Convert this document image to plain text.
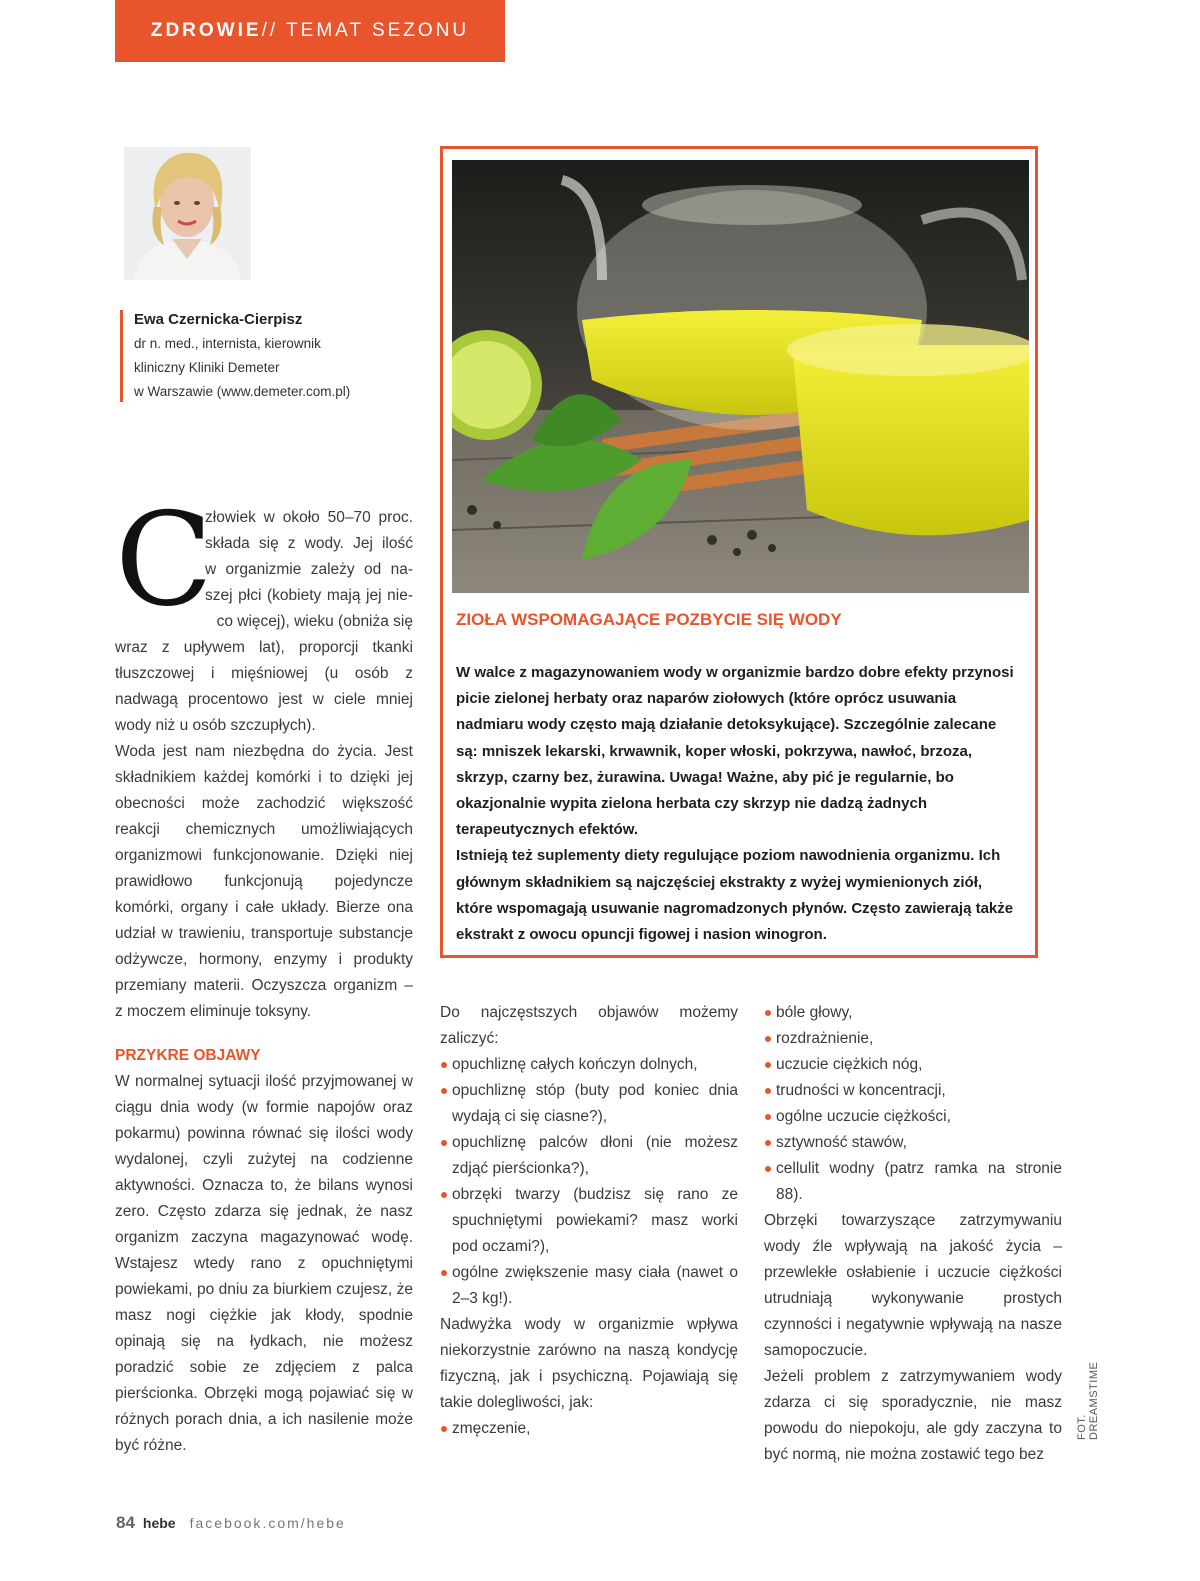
ZDROWIE // TEMAT SEZONU
Ewa Czernicka-Cierpisz
dr n. med., internista, kierownik
kliniczny Kliniki Demeter
w Warszawie (www.demeter.com.pl)
C
złowiek w około 50–70 proc.
składa się z wody. Jej ilość
w organizmie zależy od na-
szej płci (kobiety mają jej nie-
co więcej), wieku (obniża się

wraz z upływem lat), proporcji tkanki tłuszczowej i mięśniowej (u osób z nadwagą procentowo jest w ciele mniej wody niż u osób szczupłych).

Woda jest nam niezbędna do życia. Jest składnikiem każdej komórki i to dzięki jej obecności może zachodzić większość reakcji chemicznych umożliwiających organizmowi funkcjonowanie. Dzięki niej prawidłowo funkcjonują pojedyncze komórki, organy i całe układy. Bierze ona udział w trawieniu, transportuje substancje odżywcze, hormony, enzymy i produkty przemiany materii. Oczyszcza organizm – z moczem eliminuje toksyny.

PRZYKRE OBJAWY

W normalnej sytuacji ilość przyjmowanej w ciągu dnia wody (w formie napojów oraz pokarmu) powinna równać się ilości wody wydalonej, czyli zużytej na codzienne aktywności. Oznacza to, że bilans wynosi zero. Często zdarza się jednak, że nasz organizm zaczyna magazynować wodę. Wstajesz wtedy rano z opuchniętymi powiekami, po dniu za biurkiem czujesz, że masz nogi ciężkie jak kłody, spodnie opinają się na łydkach, nie możesz poradzić sobie ze zdjęciem z palca pierścionka. Obrzęki mogą pojawiać się w różnych porach dnia, a ich nasilenie może być różne.

ZIOŁA WSPOMAGAJĄCE POZBYCIE SIĘ WODY

W walce z magazynowaniem wody w organizmie bardzo dobre efekty przynosi picie zielonej herbaty oraz naparów ziołowych (które oprócz usuwania nadmiaru wody często mają działanie detoksykujące). Szczególnie zalecane są: mniszek lekarski, krwawnik, koper włoski, pokrzywa, nawłoć, brzoza, skrzyp, czarny bez, żurawina. Uwaga! Ważne, aby pić je regularnie, bo okazjonalnie wypita zielona herbata czy skrzyp nie dadzą żadnych terapeutycznych efektów.

Istnieją też suplementy diety regulujące poziom nawodnienia organizmu. Ich głównym składnikiem są najczęściej ekstrakty z wyżej wymienionych ziół, które wspomagają usuwanie nagromadzonych płynów. Często zawierają także ekstrakt z owocu opuncji figowej i nasion winogron.

Do najczęstszych objawów możemy zaliczyć:

opuchliznę całych kończyn dolnych,
opuchliznę stóp (buty pod koniec dnia wydają ci się ciasne?),
opuchliznę palców dłoni (nie możesz zdjąć pierścionka?),
obrzęki twarzy (budzisz się rano ze spuchniętymi powiekami? masz worki pod oczami?),
ogólne zwiększenie masy ciała (nawet o 2–3 kg!).

Nadwyżka wody w organizmie wpływa niekorzystnie zarówno na naszą kondycję fizyczną, jak i psychiczną. Pojawiają się takie dolegliwości, jak:

zmęczenie,
bóle głowy,
rozdrażnienie,
uczucie ciężkich nóg,
trudności w koncentracji,
ogólne uczucie ciężkości,
sztywność stawów,
cellulit wodny (patrz ramka na stronie 88).

Obrzęki towarzyszące zatrzymywaniu wody źle wpływają na jakość życia – przewlekłe osłabienie i uczucie ciężkości utrudniają wykonywanie prostych czynności i negatywnie wpływają na nasze samopoczucie.

Jeżeli problem z zatrzymywaniem wody zdarza ci się sporadycznie, nie masz powodu do niepokoju, ale gdy zaczyna to być normą, nie można zostawić tego bez

FOT. DREAMSTIME
84 hebe facebook.com/hebe
